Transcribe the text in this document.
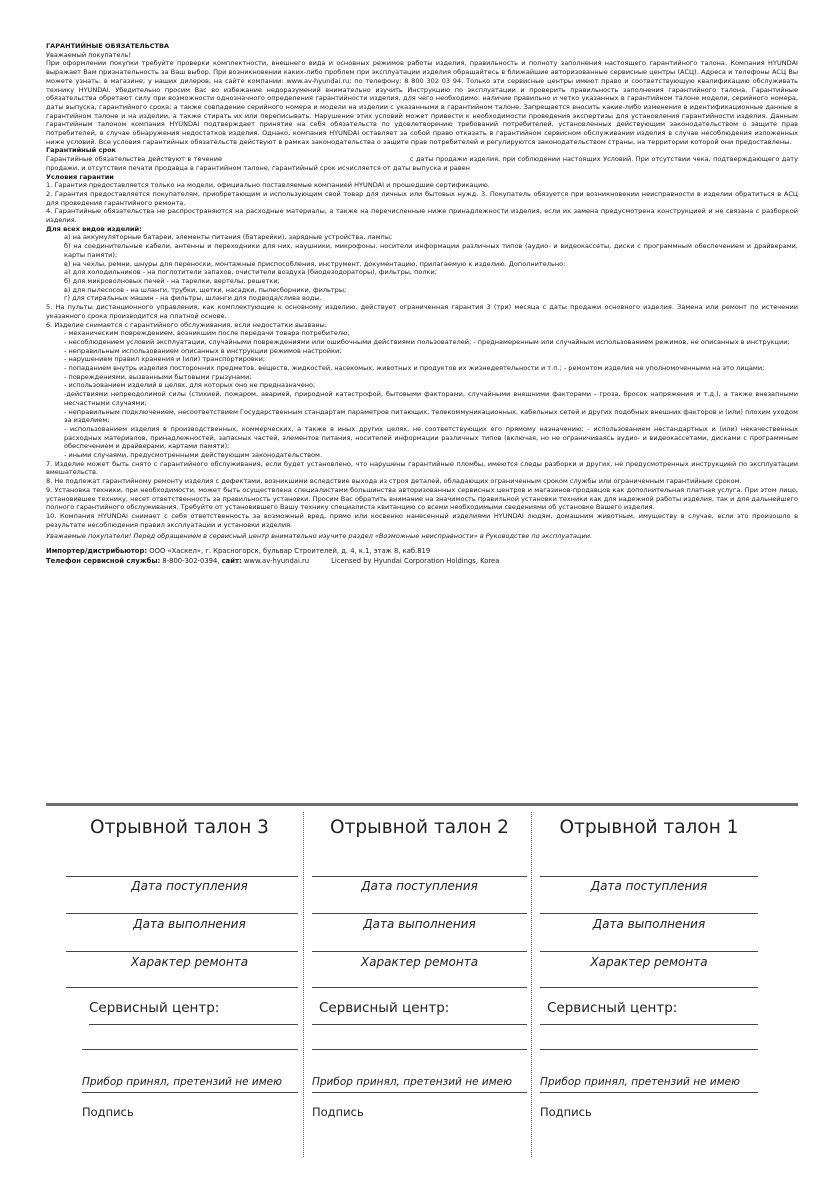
ГАРАНТИЙНЫЕ ОБЯЗАТЕЛЬСТВА

Уважаемый покупатель!

При оформлении покупки требуйте проверки комплектности, внешнего вида и основных режимов работы изделия, правильность и полноту заполнения настоящего гарантийного талона. Компания HYUNDAI выражает Вам признательность за Ваш выбор. При возникновении каких-либо проблем при эксплуатации изделия обращайтесь в ближайшие авторизованные сервисные центры (АСЦ). Адреса и телефоны АСЦ Вы можете узнать: в магазине; у наших дилеров; на сайте компании: www.av-hyundai.ru; по телефону: 8 800 302 03 94. Только эти сервисные центры имеют право и соответствующую квалификацию обслуживать технику HYUNDAI. Убедительно просим Вас во избежание недоразумений внимательно изучить Инструкцию по эксплуатации и проверить правильность заполнения гарантийного талона. Гарантийные обязательства обретают силу при возможности однозначного определения гарантийности изделия, для чего необходимо: наличие правильно и четко указанных в гарантийном талоне модели, серийного номера, даты выпуска, гарантийного срока; а также совпадение серийного номера и модели на изделии с указанными в гарантийном талоне. Запрещается вносить какие-либо изменения в идентификационные данные в гарантийном талоне и на изделии, а также стирать их или переписывать. Нарушение этих условий может привести к необходимости проведения экспертизы для установления гарантийности изделия. Данным гарантийным талоном компания HYUNDAI подтверждает принятие на себя обязательств по удовлетворению требований потребителей, установленных действующим законодательством о защите прав потребителей, в случае обнаружения недостатков изделия. Однако, компания HYUNDAI оставляет за собой право отказать в гарантийном сервисном обслуживании изделия в случае несоблюдения изложенных ниже условий. Все условия гарантийных обязательств действуют в рамках законодательства о защите прав потребителей и регулируются законодательством страны, на территории которой они предоставлены.

Гарантийный срок

Гарантийные обязательства действуют в течение                                                                              с даты продажи изделия, при соблюдении настоящих Условий. При отсутствии чека, подтверждающего дату продажи, и отсутствия печати продавца в гарантийном талоне, гарантийный срок исчисляется от даты выпуска и равен

Условия гарантии

1. Гарантия предоставляется только на модели, официально поставляемые компанией HYUNDAI и прошедшие сертификацию.

2. Гарантия предоставляется покупателям, приобретающим и использующим свой товар для личных или бытовых нужд. 3. Покупатель обязуется при возникновении неисправности в изделии обратиться в АСЦ для проведения гарантийного ремонта.

4. Гарантийные обязательства не распространяются на расходные материалы, а также на перечисленные ниже принадлежности изделия, если их замена предусмотрена конструкцией и не связана с разборкой изделия.

Для всех видов изделий:

а) на аккумуляторные батареи, элементы питания (батарейки), зарядные устройства, лампы;

б) на соединительные кабели, антенны и переходники для них, наушники, микрофоны, носители информации различных типов (аудио- и видеокассеты, диски с программным обеспечением и драйверами, карты памяти);

в) на чехлы, ремни, шнуры для переноски, монтажные приспособления, инструмент, документацию, прилагаемую к изделию. Дополнительно:

а) для холодильников - на поглотители запахов, очистители воздуха (биодезодораторы), фильтры, полки;

б) для микроволновых печей - на тарелки, вертелы, решетки;

в) для пылесосов - на шланги, трубки, щетки, насадки, пылесборники, фильтры;

г) для стиральных машин - на фильтры, шланги для подвода/слива воды.

5. На пульты дистанционного управления, как комплектующие к основному изделию, действует ограниченная гарантия 3 (три) месяца с даты продажи основного изделия. Замена или ремонт по истечении указанного срока производится на платной основе.

6. Изделие снимается с гарантийного обслуживания, если недостатки вызваны:

- механическим повреждением, возникшим после передачи товара потребителю;

- несоблюдением условий эксплуатации, случайными повреждениями или ошибочными действиями пользователей; - преднамеренным или случайным использованием режимов, не описанных в инструкции;

- неправильным использованием описанных в инструкции режимов настройки;

- нарушением правил хранения и (или) транспортировки;

- попаданием внутрь изделия посторонних предметов, веществ, жидкостей, насекомых, животных и продуктов их жизнедеятельности и т.п.; - ремонтом изделия не уполномоченными на это лицами;

- повреждениями, вызванными бытовыми грызунами;

- использованием изделий в целях, для которых оно не предназначено;

-действиями непреодолимой силы (стихией, пожаром, аварией, природной катастрофой, бытовыми факторами, случайными внешними факторами - гроза, бросок напряжения и т.д.), а также внезапными несчастными случаями;

- неправильным подключением, несоответствием Государственным стандартам параметров питающих, телекоммуникационных, кабельных сетей и других подобных внешних факторов и (или) плохим уходом за изделием;

- использованием изделия в производственных, коммерческих, а также в иных других целях, не соответствующих его прямому назначению; - использованием нестандартных и (или) некачественных расходных материалов, принадлежностей, запасных частей, элементов питания, носителей информации различных типов (включая, но не ограничиваясь аудио- и видеокассетами, дисками с программным обеспечением и драйверами, картами памяти);

- иными случаями, предусмотренными действующим законодательством.

7. Изделие может быть снято с гарантийного обслуживания, если будет установлено, что нарушены гарантийные пломбы, имеются следы разборки и других, не предусмотренных инструкцией по эксплуатации вмешательств.

8. Не подлежат гарантийному ремонту изделия с дефектами, возникшими вследствие выхода из строя деталей, обладающих ограниченным сроком службы или ограниченным гарантийным сроком.

9. Установка техники, при необходимости, может быть осуществлена специалистами большинства авторизованных сервисных центров и магазинов-продавцов как дополнительная платная услуга. При этом лицо, установившее технику, несет ответственность за правильность установки. Просим Вас обратить внимание на значимость правильной установки техники как для надежной работы изделия, так и для дальнейшего полного гарантийного обслуживания. Требуйте от установившего Вашу технику специалиста квитанцию со всеми необходимыми сведениями об установке Вашего изделия.

10. Компания HYUNDAI снимает с себя ответственность за возможный вред, прямо или косвенно нанесенный изделиями HYUNDAI людям, домашним животным, имуществу в случае, если это произошло в результате несоблюдения правил эксплуатации и установки изделия.

Уважаемые покупатели! Перед обращением в сервисный центр внимательно изучите раздел «Возможные неисправности» в Руководстве по эксплуатации.

Импортер/дистрибьютор: ООО «Хаскел», г. Красногорск, бульвар Строителей, д. 4, к.1, этаж 8, каб.819
Телефон сервисной службы: 8-800-302-0394, сайт: www.av-hyundai.ru	Licensed by Hyundai Corporation Holdings, Korea
Отрывной талон 3
Дата поступления
Дата выполнения
Характер ремонта
Сервисный центр:
Прибор принял, претензий не имею
Подпись
Отрывной талон 2
Дата поступления
Дата выполнения
Характер ремонта
Сервисный центр:
Прибор принял, претензий не имею
Подпись
Отрывной талон 1
Дата поступления
Дата выполнения
Характер ремонта
Сервисный центр:
Прибор принял, претензий не имею
Подпись
